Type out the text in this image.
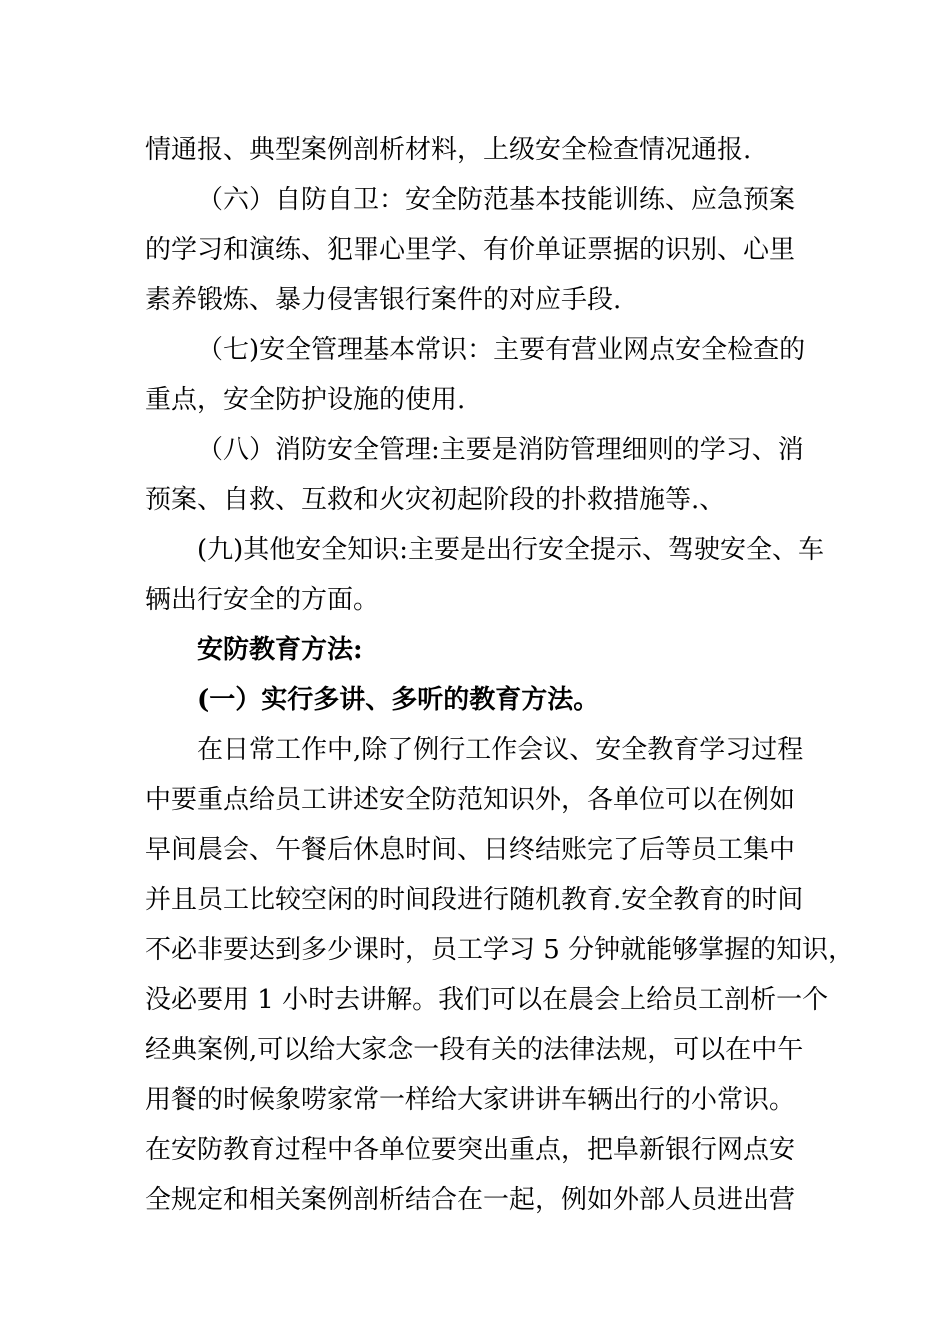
情通报、典型案例剖析材料，上级安全检查情况通报.
（六）自防自卫：安全防范基本技能训练、应急预案
的学习和演练、犯罪心里学、有价单证票据的识别、心里
素养锻炼、暴力侵害银行案件的对应手段.
（七)安全管理基本常识：主要有营业网点安全检查的
重点，安全防护设施的使用.
（八）消防安全管理:主要是消防管理细则的学习、消
预案、自救、互救和火灾初起阶段的扑救措施等.、
(九)其他安全知识:主要是出行安全提示、驾驶安全、车
辆出行安全的方面。
安防教育方法:
(一）实行多讲、多听的教育方法。
在日常工作中,除了例行工作会议、安全教育学习过程
中要重点给员工讲述安全防范知识外，各单位可以在例如
早间晨会、午餐后休息时间、日终结账完了后等员工集中
并且员工比较空闲的时间段进行随机教育.安全教育的时间
不必非要达到多少课时，员工学习 5 分钟就能够掌握的知识，
没必要用 1 小时去讲解。我们可以在晨会上给员工剖析一个
经典案例,可以给大家念一段有关的法律法规，可以在中午
用餐的时候象唠家常一样给大家讲讲车辆出行的小常识。
在安防教育过程中各单位要突出重点，把阜新银行网点安
全规定和相关案例剖析结合在一起，例如外部人员进出营
